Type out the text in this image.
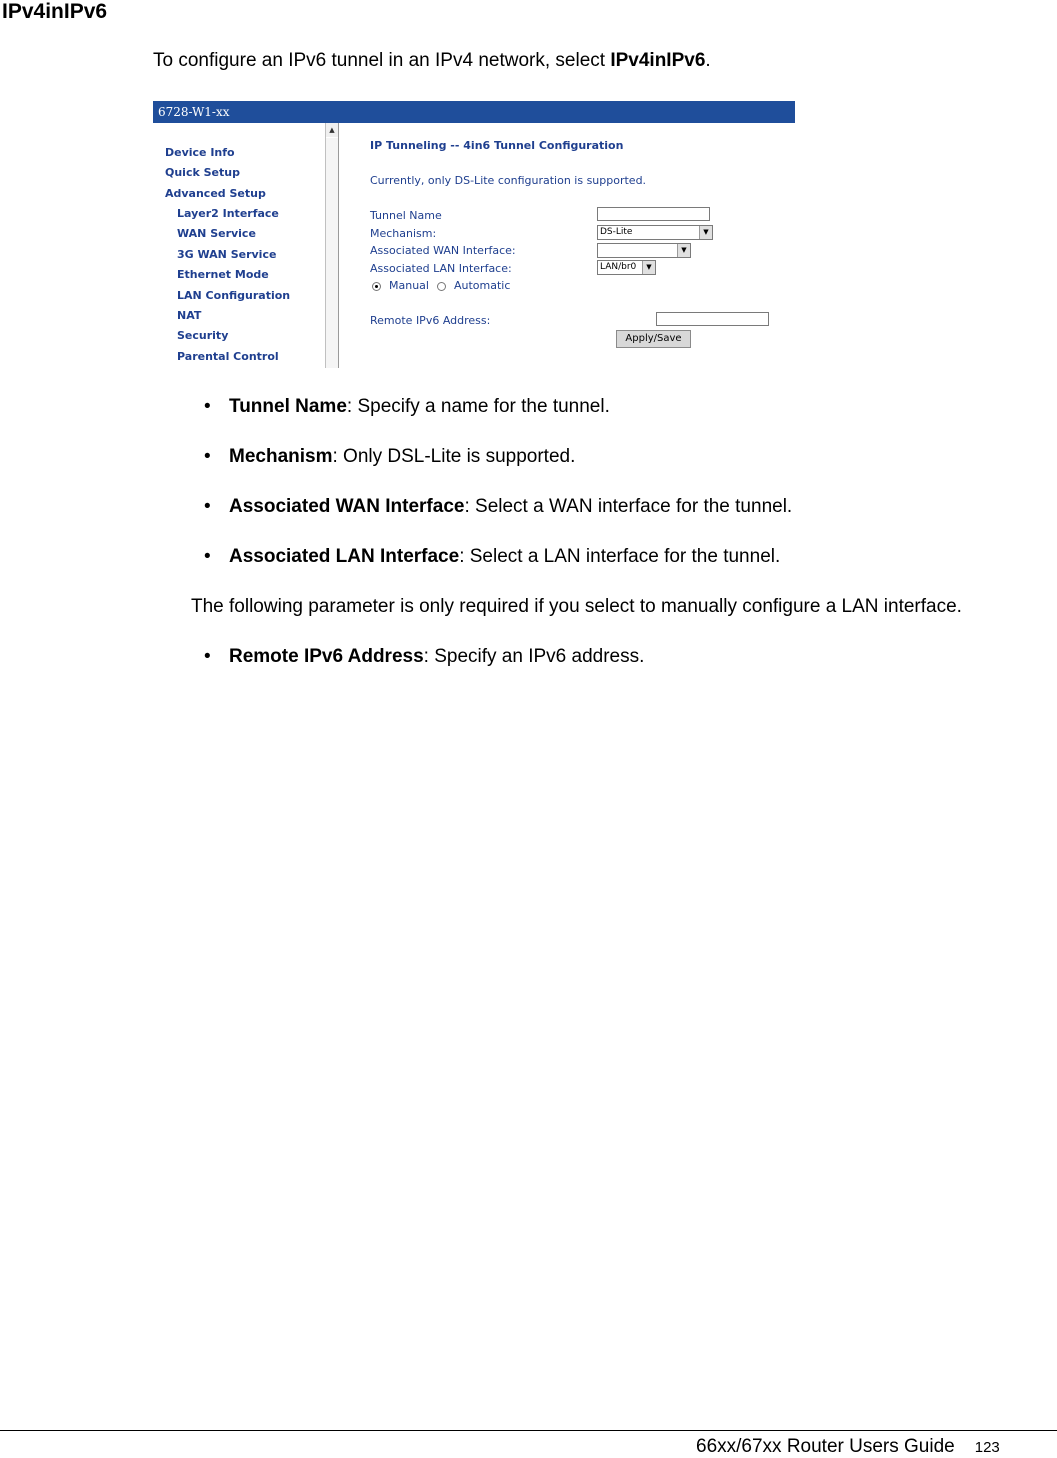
IPv4inIPv6
To configure an IPv6 tunnel in an IPv4 network, select IPv4inIPv6.
6728-W1-xx
Device Info
Quick Setup
Advanced Setup
Layer2 Interface
WAN Service
3G WAN Service
Ethernet Mode
LAN Configuration
NAT
Security
Parental Control
▲
IP Tunneling -- 4in6 Tunnel Configuration
Currently, only DS-Lite configuration is supported.
Tunnel Name
Mechanism:	DS-Lite	▼
Associated WAN Interface:	▼
Associated LAN Interface:	LAN/br0	▼
Manual Automatic
Remote IPv6 Address:
Apply/Save
• Tunnel Name: Specify a name for the tunnel.
• Mechanism: Only DSL-Lite is supported.
• Associated WAN Interface: Select a WAN interface for the tunnel.
• Associated LAN Interface: Select a LAN interface for the tunnel.
The following parameter is only required if you select to manually configure a LAN interface.
• Remote IPv6 Address: Specify an IPv6 address.
66xx/67xx Router Users Guide 123
